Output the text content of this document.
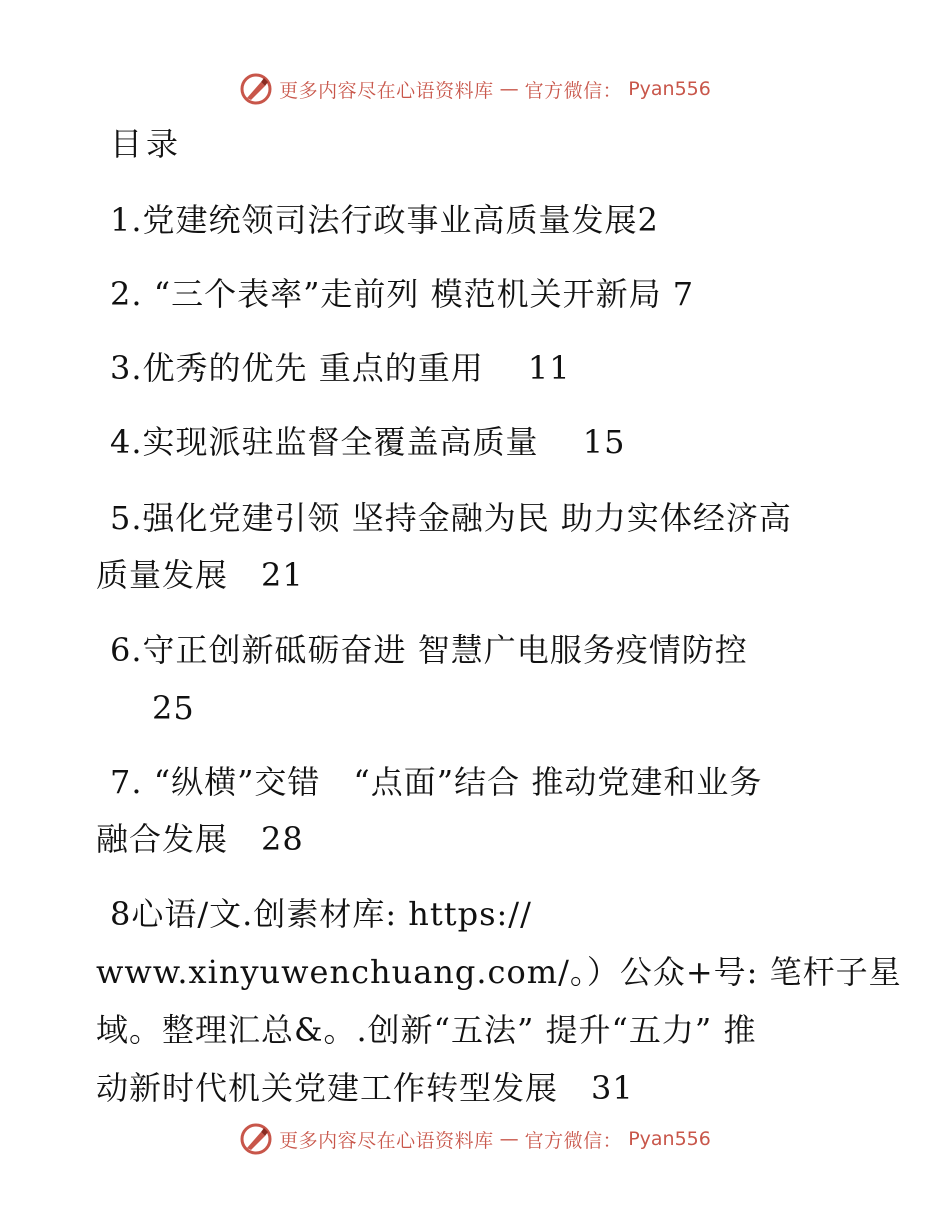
更多内容尽在心语资料库 — 官方微信： Pyan556
目录
1.党建统领司法行政事业高质量发展2
2. “三个表率”走前列 模范机关开新局 7
3.优秀的优先 重点的重用　 11
4.实现派驻监督全覆盖高质量　 15
5.强化党建引领 坚持金融为民 助力实体经济高
质量发展　21
6.守正创新砥砺奋进 智慧广电服务疫情防控
25
7. “纵横”交错　“点面”结合 推动党建和业务
融合发展　28
8心语/文.创素材库: https://
www.xinyuwenchuang.com/。）公众+号: 笔杆子星
域。整理汇总&。.创新“五法” 提升“五力” 推
动新时代机关党建工作转型发展　31
更多内容尽在心语资料库 — 官方微信： Pyan556
